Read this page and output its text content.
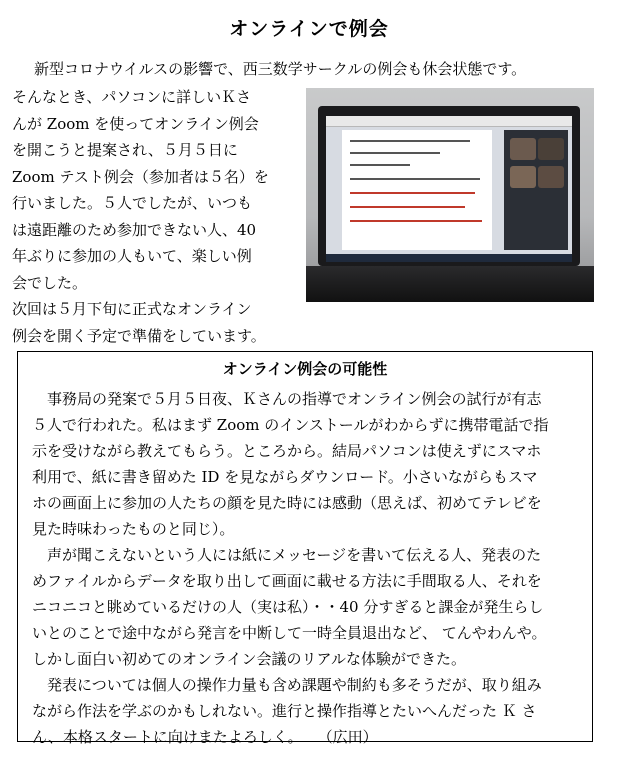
オンラインで例会
新型コロナウイルスの影響で、西三数学サークルの例会も休会状態です。
そんなとき、パソコンに詳しいＫさ
んが Zoom を使ってオンライン例会
を開こうと提案され、５月５日に
Zoom テスト例会（参加者は５名）を
行いました。５人でしたが、いつも
は遠距離のため参加できない人、40
年ぶりに参加の人もいて、楽しい例
会でした。
次回は５月下旬に正式なオンライン
例会を開く予定で準備をしています。
オンライン例会の可能性
　事務局の発案で５月５日夜、Ｋさんの指導でオンライン例会の試行が有志
５人で行われた。私はまず Zoom のインストールがわからずに携帯電話で指
示を受けながら教えてもらう。ところから。結局パソコンは使えずにスマホ
利用で、紙に書き留めた ID を見ながらダウンロード。小さいながらもスマ
ホの画面上に参加の人たちの顔を見た時には感動（思えば、初めてテレビを
見た時味わったものと同じ）。
　声が聞こえないという人には紙にメッセージを書いて伝える人、発表のた
めファイルからデータを取り出して画面に載せる方法に手間取る人、それを
ニコニコと眺めているだけの人（実は私）・・40 分すぎると課金が発生らし
いとのことで途中ながら発言を中断して一時全員退出など、 てんやわんや。
しかし面白い初めてのオンライン会議のリアルな体験ができた。
　発表については個人の操作力量も含め課題や制約も多そうだが、取り組み
ながら作法を学ぶのかもしれない。進行と操作指導とたいへんだった Ｋ さ
ん、本格スタートに向けまたよろしく。　　（広田）
